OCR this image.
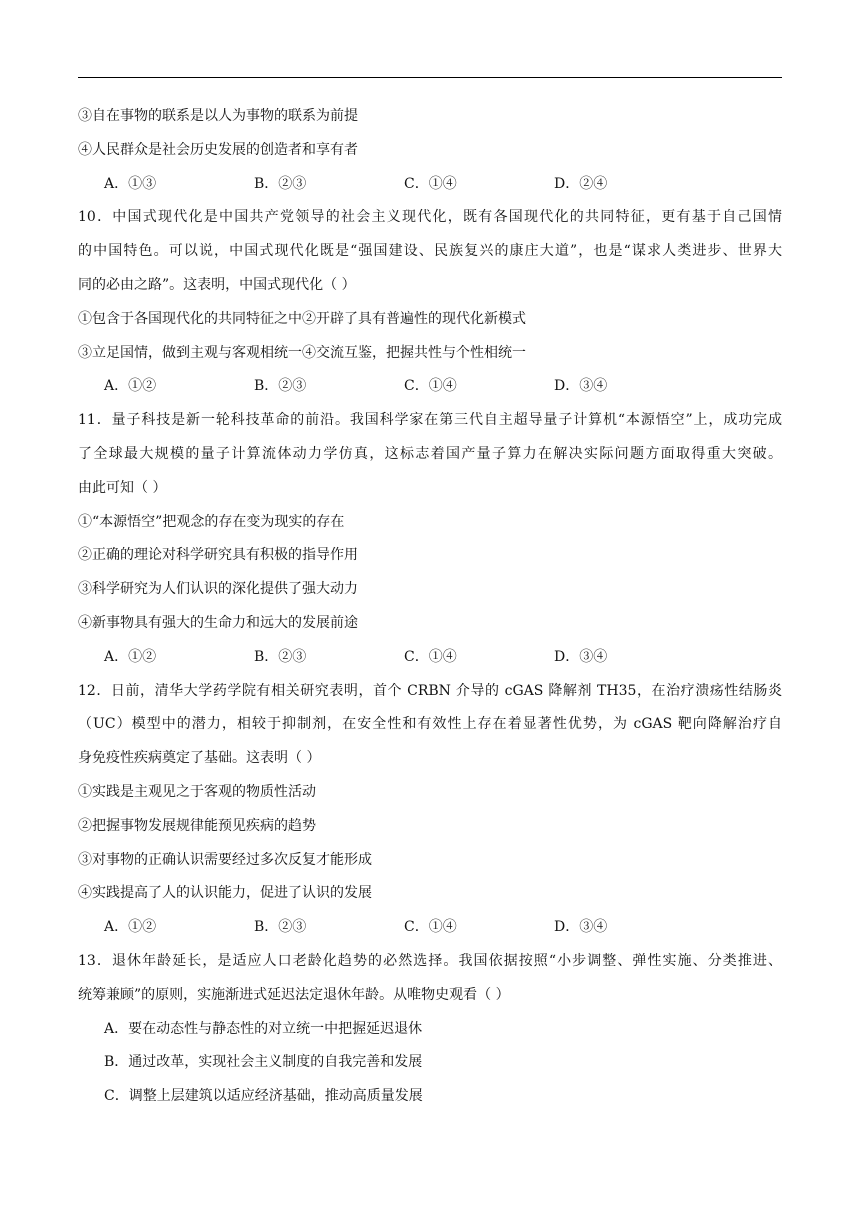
③自在事物的联系是以人为事物的联系为前提
④人民群众是社会历史发展的创造者和享有者
A．①③	B．②③	C．①④	D．②④
10．中国式现代化是中国共产党领导的社会主义现代化，既有各国现代化的共同特征，更有基于自己国情
的中国特色。可以说，中国式现代化既是“强国建设、民族复兴的康庄大道”，也是“谋求人类进步、世界大
同的必由之路”。这表明，中国式现代化（ ）
①包含于各国现代化的共同特征之中②开辟了具有普遍性的现代化新模式
③立足国情，做到主观与客观相统一④交流互鉴，把握共性与个性相统一
A．①②	B．②③	C．①④	D．③④
11．量子科技是新一轮科技革命的前沿。我国科学家在第三代自主超导量子计算机“本源悟空”上，成功完成
了全球最大规模的量子计算流体动力学仿真，这标志着国产量子算力在解决实际问题方面取得重大突破。
由此可知（ ）
①“本源悟空”把观念的存在变为现实的存在
②正确的理论对科学研究具有积极的指导作用
③科学研究为人们认识的深化提供了强大动力
④新事物具有强大的生命力和远大的发展前途
A．①②	B．②③	C．①④	D．③④
12．日前，清华大学药学院有相关研究表明，首个 CRBN 介导的 cGAS 降解剂 TH35，在治疗溃疡性结肠炎
（UC）模型中的潜力，相较于抑制剂，在安全性和有效性上存在着显著性优势，为 cGAS 靶向降解治疗自
身免疫性疾病奠定了基础。这表明（ ）
①实践是主观见之于客观的物质性活动
②把握事物发展规律能预见疾病的趋势
③对事物的正确认识需要经过多次反复才能形成
④实践提高了人的认识能力，促进了认识的发展
A．①②	B．②③	C．①④	D．③④
13．退休年龄延长，是适应人口老龄化趋势的必然选择。我国依据按照“小步调整、弹性实施、分类推进、
统筹兼顾”的原则，实施渐进式延迟法定退休年龄。从唯物史观看（ ）
A．要在动态性与静态性的对立统一中把握延迟退休
B．通过改革，实现社会主义制度的自我完善和发展
C．调整上层建筑以适应经济基础，推动高质量发展
